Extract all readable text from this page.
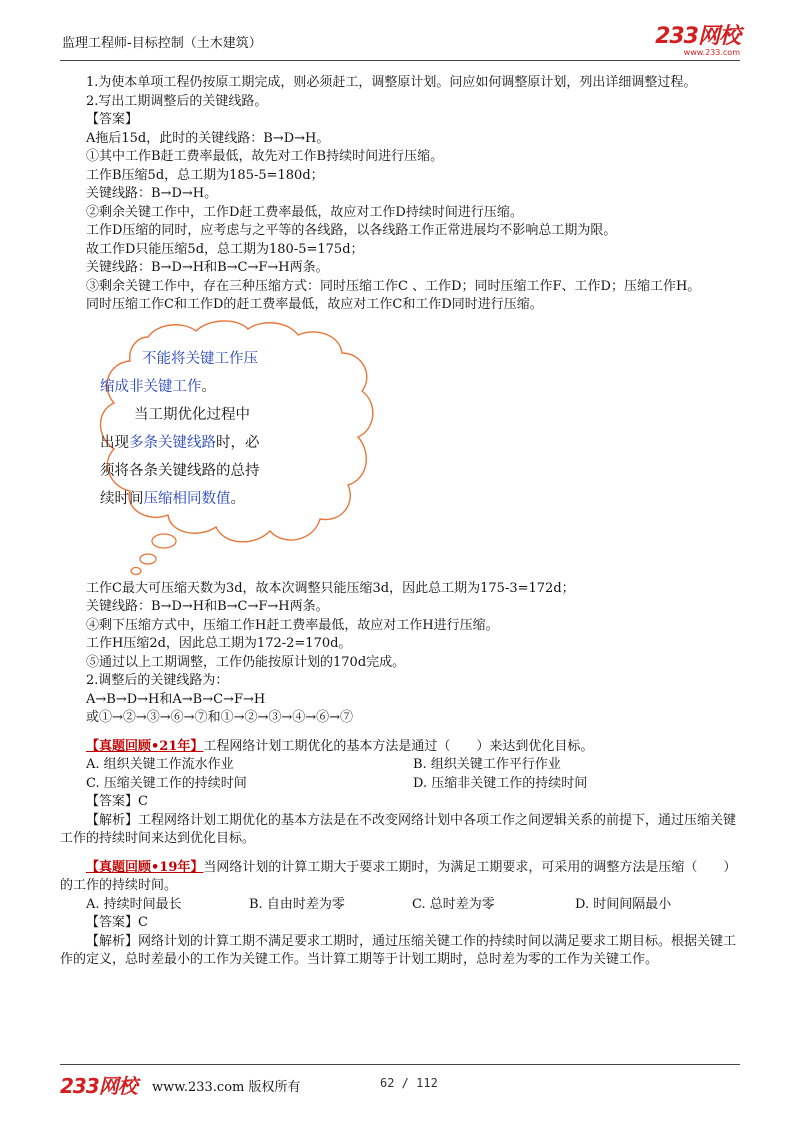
监理工程师-目标控制（土木建筑）	233网校
www.233.com

1.为使本单项工程仍按原工期完成，则必须赶工，调整原计划。问应如何调整原计划，列出详细调整过程。

2.写出工期调整后的关键线路。

【答案】

A拖后15d，此时的关键线路：B→D→H。

①其中工作B赶工费率最低，故先对工作B持续时间进行压缩。

工作B压缩5d，总工期为185-5=180d；

关键线路：B→D→H。

②剩余关键工作中，工作D赶工费率最低，故应对工作D持续时间进行压缩。

工作D压缩的同时，应考虑与之平等的各线路，以各线路工作正常进展均不影响总工期为限。

故工作D只能压缩5d，总工期为180-5=175d；

关键线路：B→D→H和B→C→F→H两条。

③剩余关键工作中，存在三种压缩方式：同时压缩工作C 、工作D；同时压缩工作F、工作D；压缩工作H。

同时压缩工作C和工作D的赶工费率最低，故应对工作C和工作D同时进行压缩。

不能将关键工作压
缩成非关键工作。
当工期优化过程中
出现多条关键线路时，必
须将各条关键线路的总持
续时间压缩相同数值。

工作C最大可压缩天数为3d，故本次调整只能压缩3d，因此总工期为175-3=172d；

关键线路：B→D→H和B→C→F→H两条。

④剩下压缩方式中，压缩工作H赶工费率最低，故应对工作H进行压缩。

工作H压缩2d，因此总工期为172-2=170d。

⑤通过以上工期调整，工作仍能按原计划的170d完成。

2.调整后的关键线路为：

A→B→D→H和A→B→C→F→H

或①→②→③→⑥→⑦和①→②→③→④→⑥→⑦

【真题回顾•21年】工程网络计划工期优化的基本方法是通过（　　）来达到优化目标。

A. 组织关键工作流水作业	B. 组织关键工作平行作业
C. 压缩关键工作的持续时间	D. 压缩非关键工作的持续时间

【答案】C

【解析】工程网络计划工期优化的基本方法是在不改变网络计划中各项工作之间逻辑关系的前提下，通过压缩关键工作的持续时间来达到优化目标。

【真题回顾•19年】当网络计划的计算工期大于要求工期时，为满足工期要求，可采用的调整方法是压缩（　　）的工作的持续时间。

A. 持续时间最长	B. 自由时差为零	C. 总时差为零	D. 时间间隔最小

【答案】C

【解析】网络计划的计算工期不满足要求工期时，通过压缩关键工作的持续时间以满足要求工期目标。根据关键工作的定义，总时差最小的工作为关键工作。当计算工期等于计划工期时，总时差为零的工作为关键工作。

233网校 www.233.com 版权所有	62 / 112
